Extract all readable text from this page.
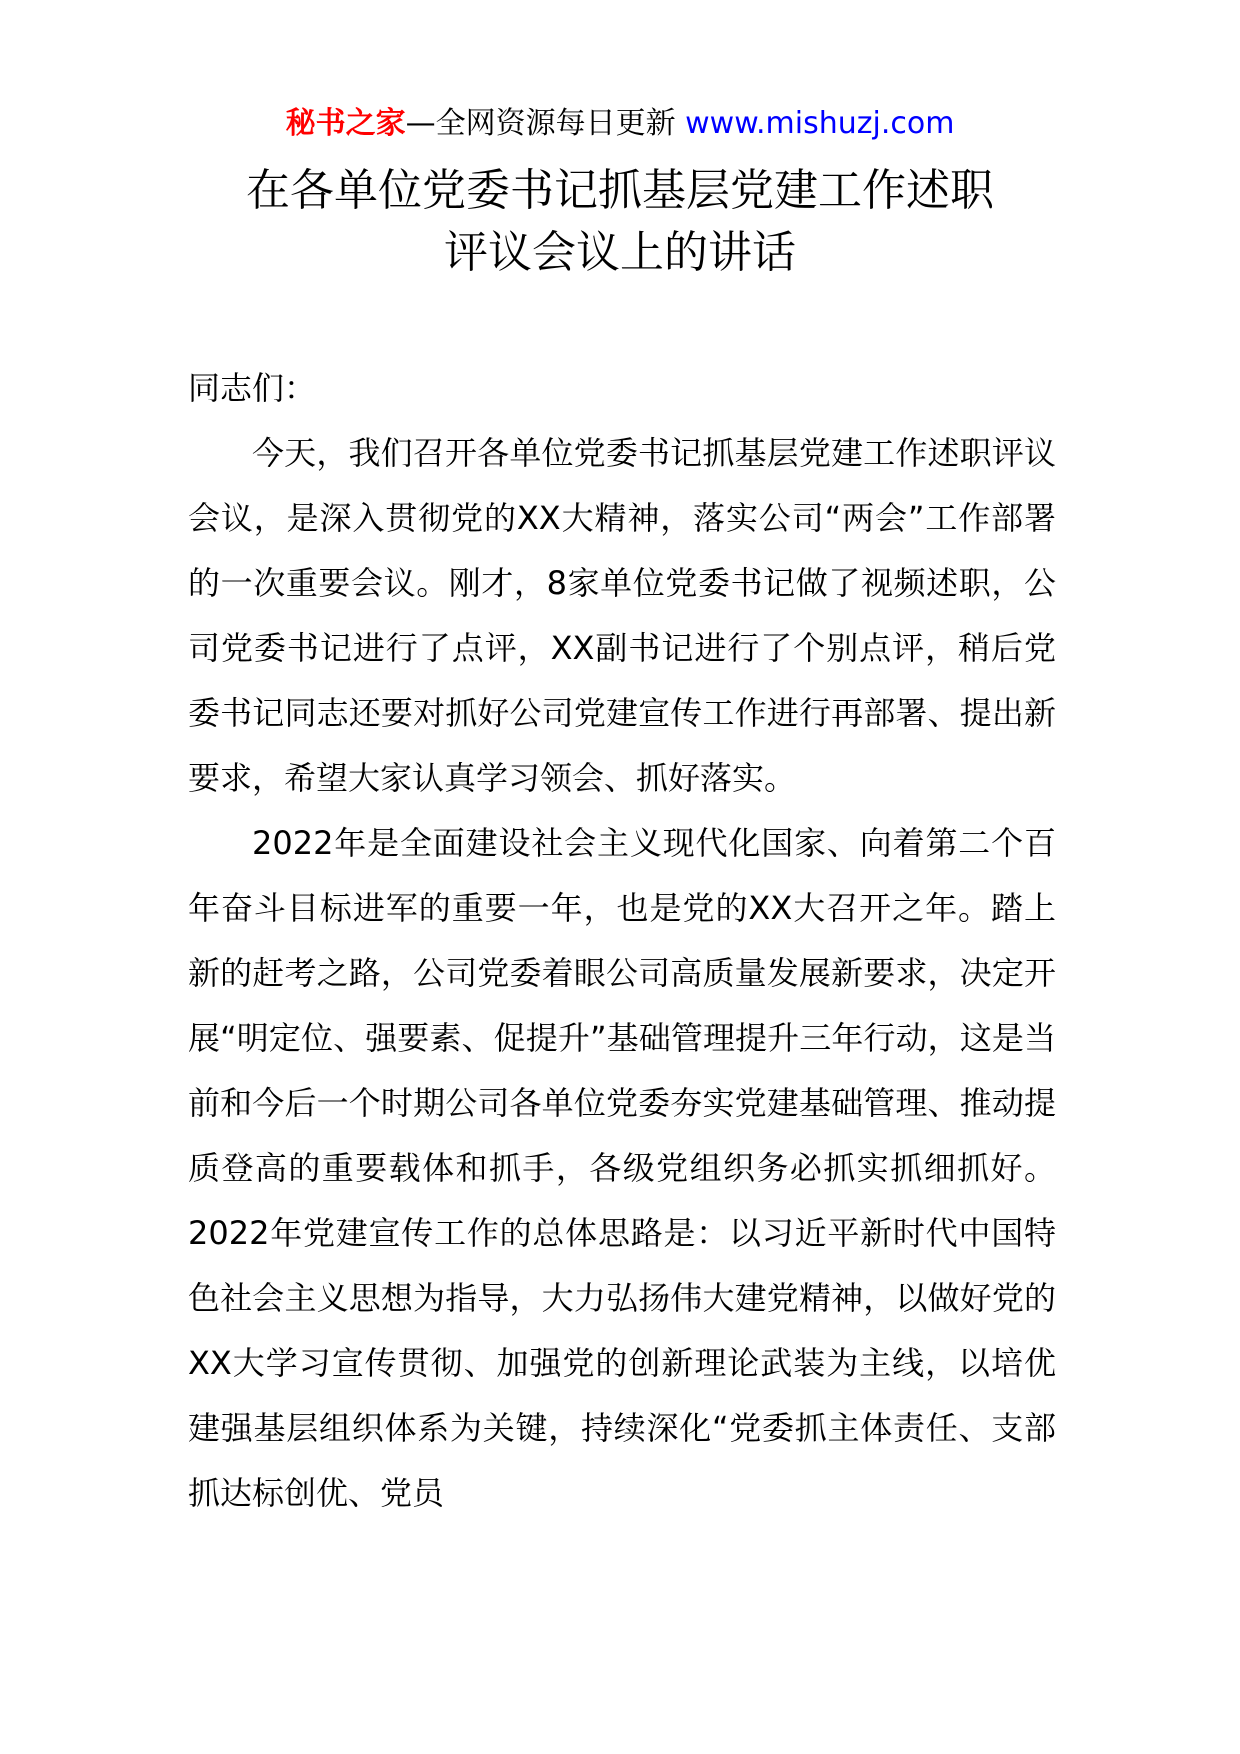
秘书之家—全网资源每日更新 www.mishuzj.com
在各单位党委书记抓基层党建工作述职
评议会议上的讲话

同志们：

今天，我们召开各单位党委书记抓基层党建工作述职评议会议，是深入贯彻党的XX大精神，落实公司“两会”工作部署的一次重要会议。刚才，8家单位党委书记做了视频述职，公司党委书记进行了点评，XX副书记进行了个别点评，稍后党委书记同志还要对抓好公司党建宣传工作进行再部署、提出新要求，希望大家认真学习领会、抓好落实。

2022年是全面建设社会主义现代化国家、向着第二个百年奋斗目标进军的重要一年，也是党的XX大召开之年。踏上新的赶考之路，公司党委着眼公司高质量发展新要求，决定开展“明定位、强要素、促提升”基础管理提升三年行动，这是当前和今后一个时期公司各单位党委夯实党建基础管理、推动提质登高的重要载体和抓手，各级党组织务必抓实抓细抓好。2022年党建宣传工作的总体思路是：以习近平新时代中国特色社会主义思想为指导，大力弘扬伟大建党精神，以做好党的XX大学习宣传贯彻、加强党的创新理论武装为主线，以培优建强基层组织体系为关键，持续深化“党委抓主体责任、支部抓达标创优、党员
